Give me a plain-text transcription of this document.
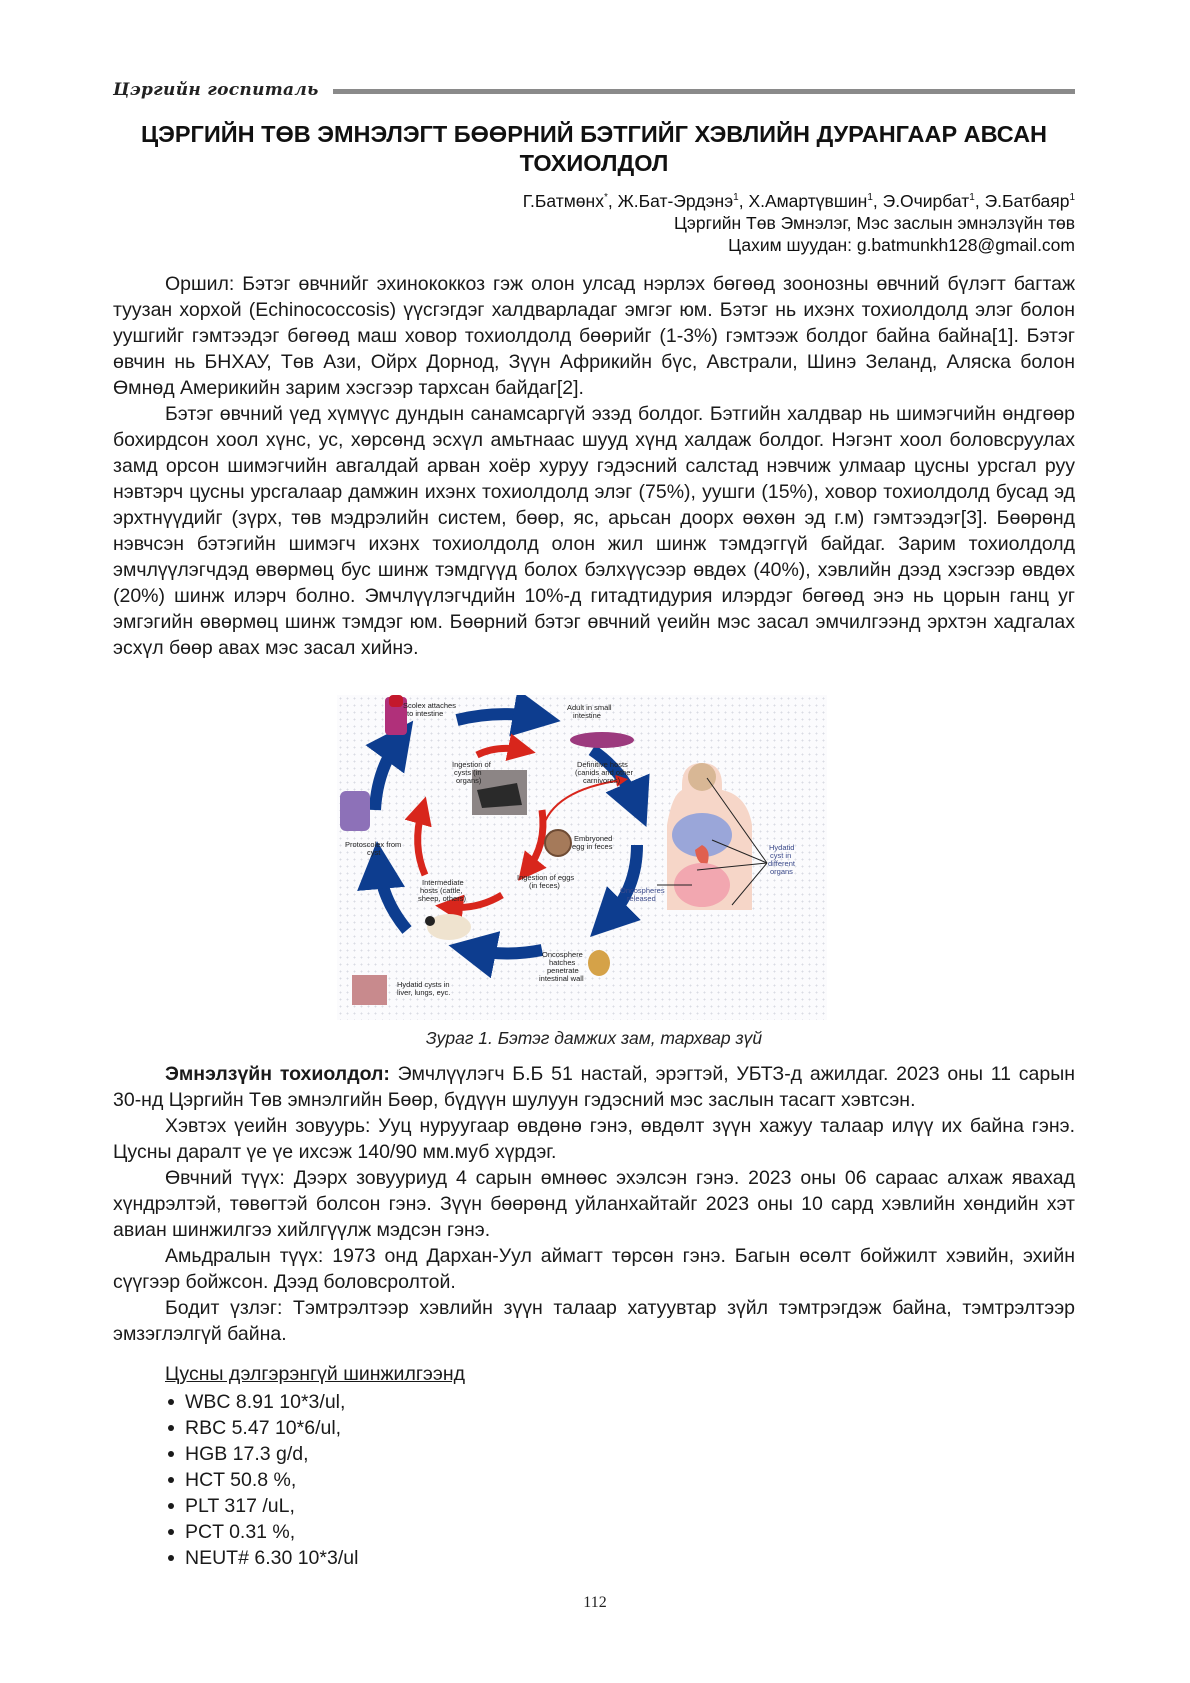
Цэргийн госпиталь
ЦЭРГИЙН ТӨВ ЭМНЭЛЭГТ БӨӨРНИЙ БЭТГИЙГ ХЭВЛИЙН ДУРАНГААР АВСАН ТОХИОЛДОЛ
Г.Батмөнх*, Ж.Бат-Эрдэнэ$^1$, Х.Амартүвшин$^1$, Э.Очирбат$^1$, Э.Батбаяр$^1$
Цэргийн Төв Эмнэлэг, Мэс заслын эмнэлзүйн төв
Цахим шуудан: g.batmunkh128@gmail.com

Оршил: Бэтэг өвчнийг эхинококкоз гэж олон улсад нэрлэх бөгөөд зоонозны өвчний бүлэгт багтаж туузан хорхой (Echinococcosis) үүсгэгдэг халдварладаг эмгэг юм. Бэтэг нь ихэнх тохиолдолд элэг болон уушгийг гэмтээдэг бөгөөд маш ховор тохиолдолд бөөрийг (1-3%) гэмтээж болдог байна байна[1]. Бэтэг өвчин нь БНХАУ, Төв Ази, Ойрх Дорнод, Зүүн Африкийн бүс, Австрали, Шинэ Зеланд, Аляска болон Өмнөд Америкийн зарим хэсгээр тархсан байдаг[2].

Бэтэг өвчний үед хүмүүс дундын санамсаргүй эзэд болдог. Бэтгийн халдвар нь шимэгчийн өндгөөр бохирдсон хоол хүнс, ус, хөрсөнд эсхүл амьтнаас шууд хүнд халдаж болдог. Нэгэнт хоол боловсруулах замд орсон шимэгчийн авгалдай арван хоёр хуруу гэдэсний салстад нэвчиж улмаар цусны урсгал руу нэвтэрч цусны урсгалаар дамжин ихэнх тохиолдолд элэг (75%), уушги (15%), ховор тохиолдолд бусад эд эрхтнүүдийг (зүрх, төв мэдрэлийн систем, бөөр, яс, арьсан доорх өөхөн эд г.м) гэмтээдэг[3]. Бөөрөнд нэвчсэн бэтэгийн шимэгч ихэнх тохиолдолд олон жил шинж тэмдэггүй байдаг. Зарим тохиолдолд эмчлүүлэгчдэд өвөрмөц бус шинж тэмдгүүд болох бэлхүүсээр өвдөх (40%), хэвлийн дээд хэсгээр өвдөх (20%) шинж илэрч болно. Эмчлүүлэгчдийн 10%-д гитадтидурия илэрдэг бөгөөд энэ нь цорын ганц уг эмгэгийн өвөрмөц шинж тэмдэг юм. Бөөрний бэтэг өвчний үеийн мэс засал эмчилгээнд эрхтэн хадгалах эсхүл бөөр авах мэс засал хийнэ.

Scolex attaches to intestine
Adult in small intestine
Definitive hosts (canids and other carnivores)
Ingestion of cysts (in organs)
Protoscolex from cyst
Embryoned egg in feces
Ingestion of eggs (in feces)
Intermediate hosts (cattle, sheep, others)
Oncospheres released
Hydatid cyst in different organs
Oncosphere hatches penetrate intestinal wall
Hydatid cysts in liver, lungs, eyc.
Зураг 1. Бэтэг дамжих зам, тархвар зүй

Эмнэлзүйн тохиолдол: Эмчлүүлэгч Б.Б 51 настай, эрэгтэй, УБТЗ-д ажилдаг. 2023 оны 11 сарын 30-нд Цэргийн Төв эмнэлгийн Бөөр, бүдүүн шулуун гэдэсний мэс заслын тасагт хэвтсэн.

Хэвтэх үеийн зовуурь: Ууц нуруугаар өвдөнө гэнэ, өвдөлт зүүн хажуу талаар илүү их байна гэнэ. Цусны даралт үе үе ихсэж 140/90 мм.муб хүрдэг.

Өвчний түүх: Дээрх зовууриуд 4 сарын өмнөөс эхэлсэн гэнэ. 2023 оны 06 сараас алхаж явахад хүндрэлтэй, төвөгтэй болсон гэнэ. Зүүн бөөрөнд уйланхайтайг 2023 оны 10 сард хэвлийн хөндийн хэт авиан шинжилгээ хийлгүүлж мэдсэн гэнэ.

Амьдралын түүх: 1973 онд Дархан-Уул аймагт төрсөн гэнэ. Багын өсөлт бойжилт хэвийн, эхийн сүүгээр бойжсон. Дээд боловсролтой.

Бодит үзлэг: Тэмтрэлтээр хэвлийн зүүн талаар хатуувтар зүйл тэмтрэгдэж байна, тэмтрэлтээр эмзэглэлгүй байна.

Цусны дэлгэрэнгүй шинжилгээнд
WBC 8.91 10*3/ul,
RBC 5.47 10*6/ul,
HGB 17.3 g/d,
HCT 50.8 %,
PLT 317 /uL,
PCT 0.31 %,
NEUT# 6.30 10*3/ul
112
